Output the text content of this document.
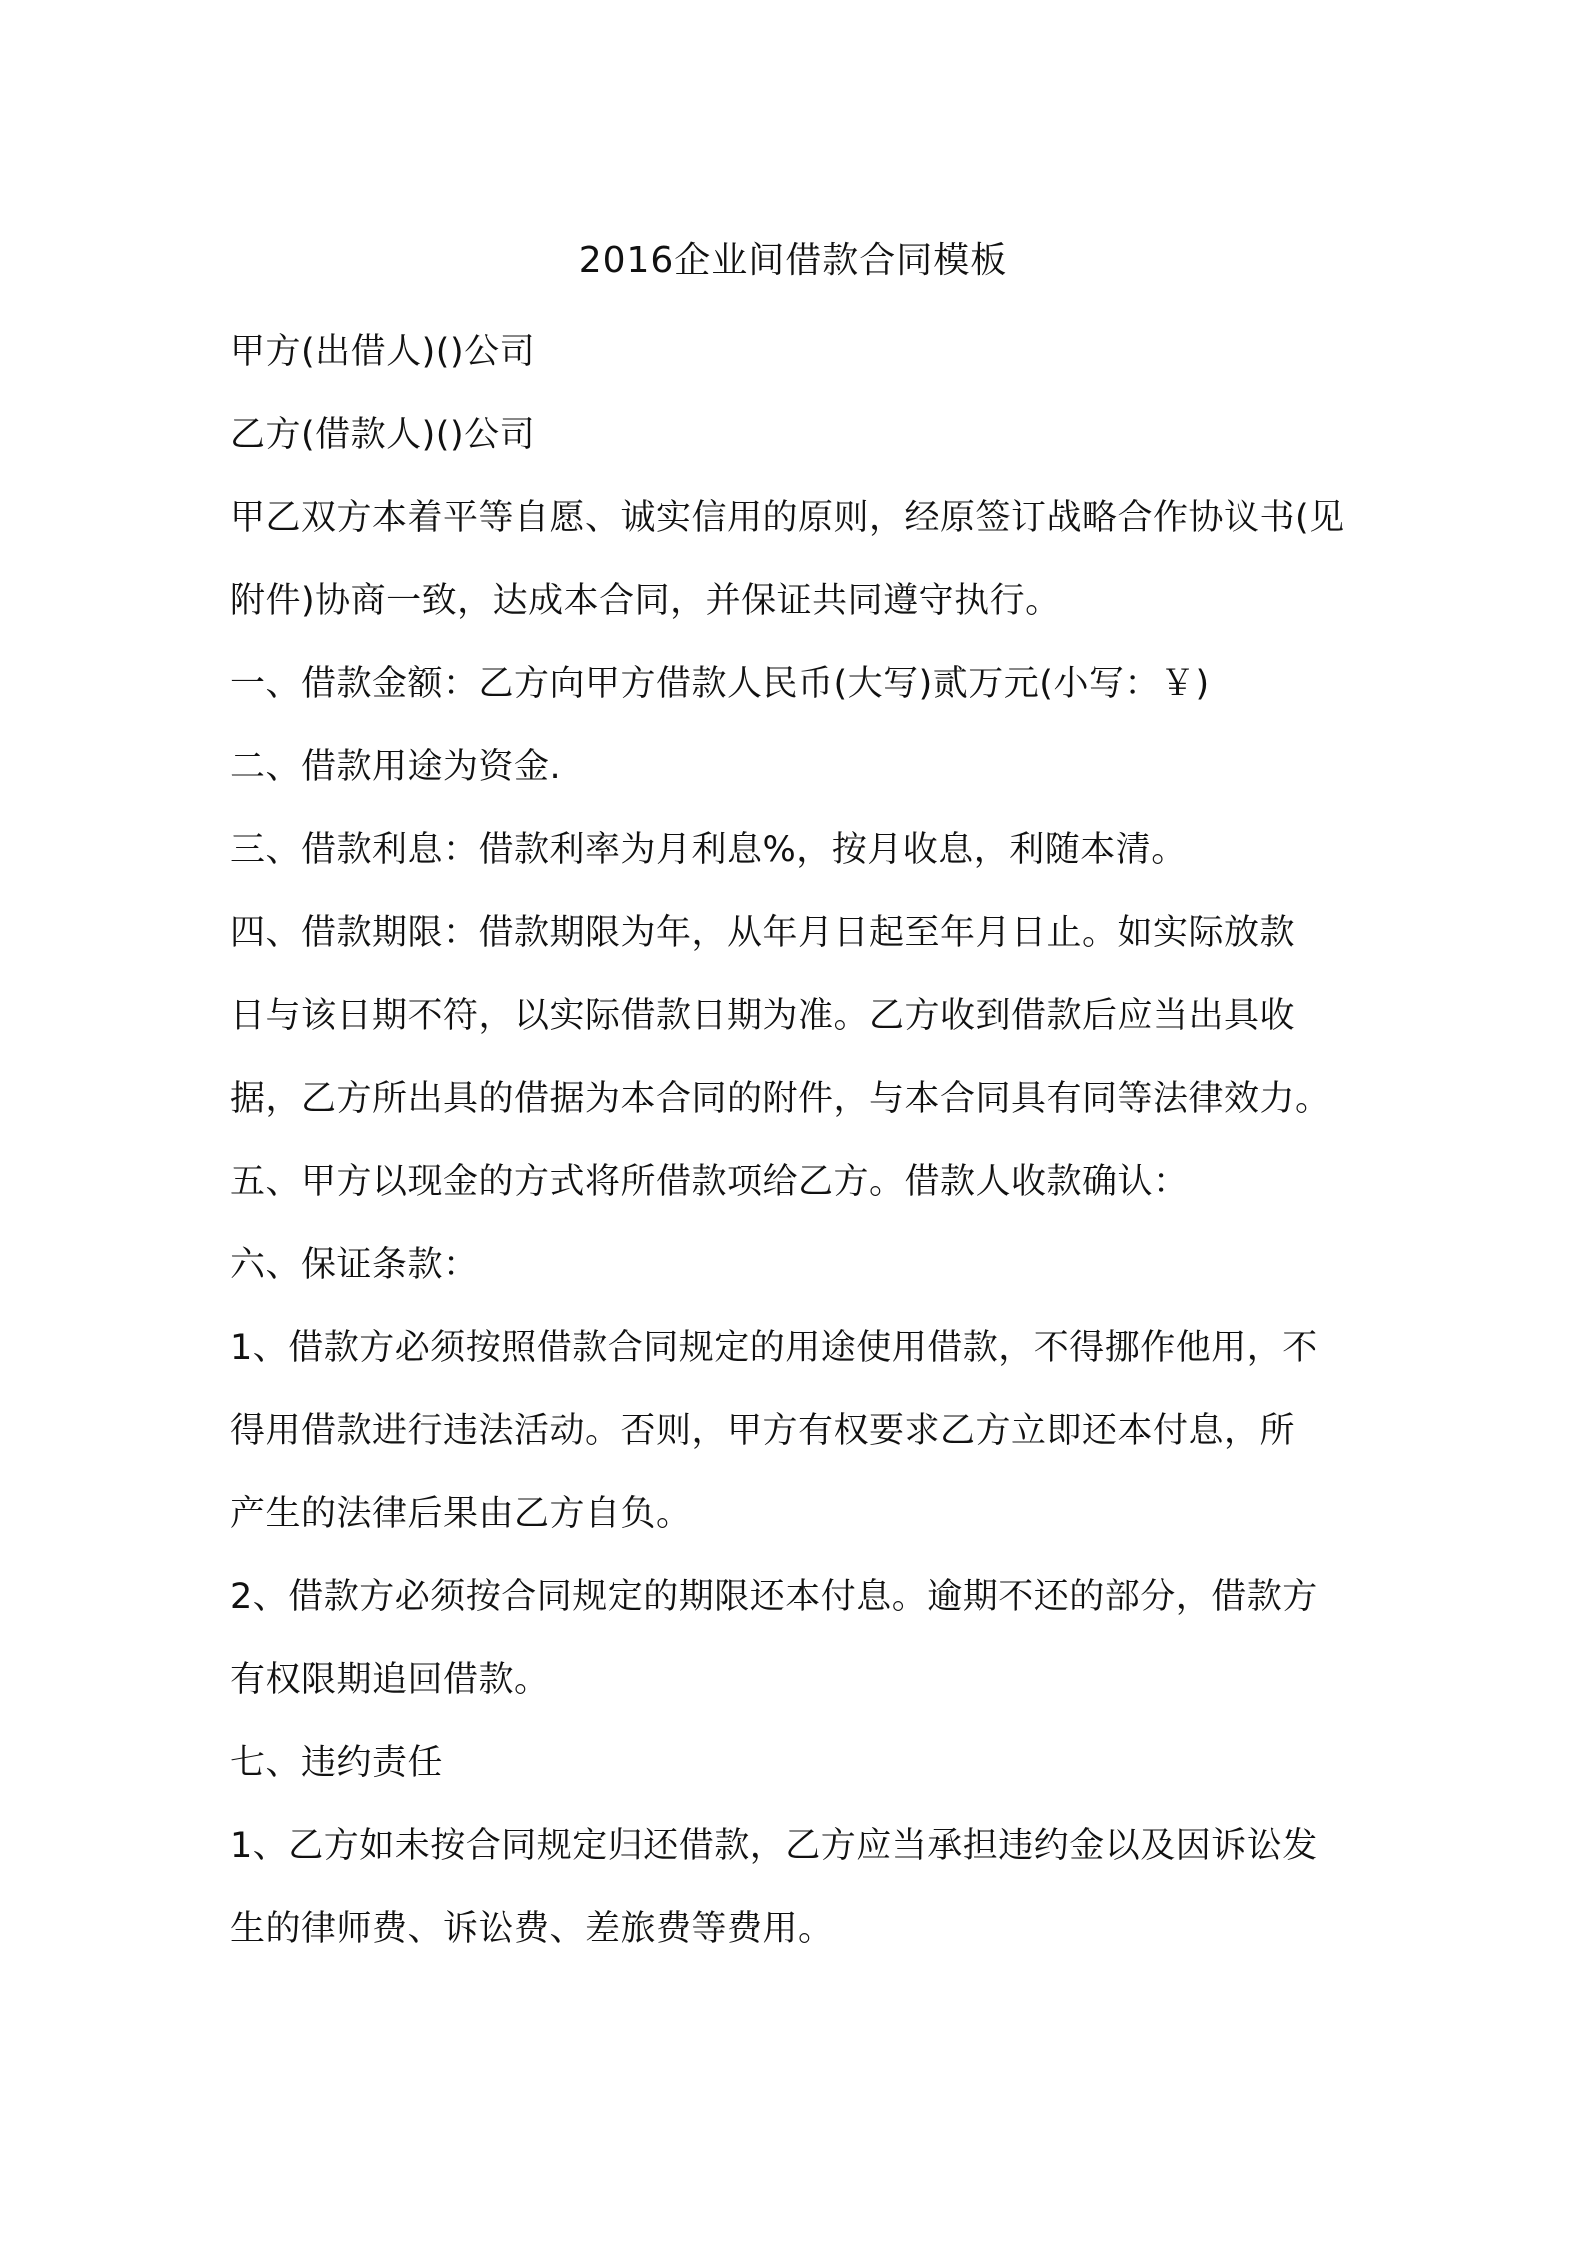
2016企业间借款合同模板
甲方(出借人)()公司
乙方(借款人)()公司
甲乙双方本着平等自愿、诚实信用的原则，经原签订战略合作协议书(见
附件)协商一致，达成本合同，并保证共同遵守执行。
一、借款金额：乙方向甲方借款人民币(大写)贰万元(小写：￥)
二、借款用途为资金.
三、借款利息：借款利率为月利息%，按月收息，利随本清。
四、借款期限：借款期限为年，从年月日起至年月日止。如实际放款
日与该日期不符，以实际借款日期为准。乙方收到借款后应当出具收
据，乙方所出具的借据为本合同的附件，与本合同具有同等法律效力。
五、甲方以现金的方式将所借款项给乙方。借款人收款确认：
六、保证条款：
1、借款方必须按照借款合同规定的用途使用借款，不得挪作他用，不
得用借款进行违法活动。否则，甲方有权要求乙方立即还本付息，所
产生的法律后果由乙方自负。
2、借款方必须按合同规定的期限还本付息。逾期不还的部分，借款方
有权限期追回借款。
七、违约责任
1、乙方如未按合同规定归还借款，乙方应当承担违约金以及因诉讼发
生的律师费、诉讼费、差旅费等费用。
